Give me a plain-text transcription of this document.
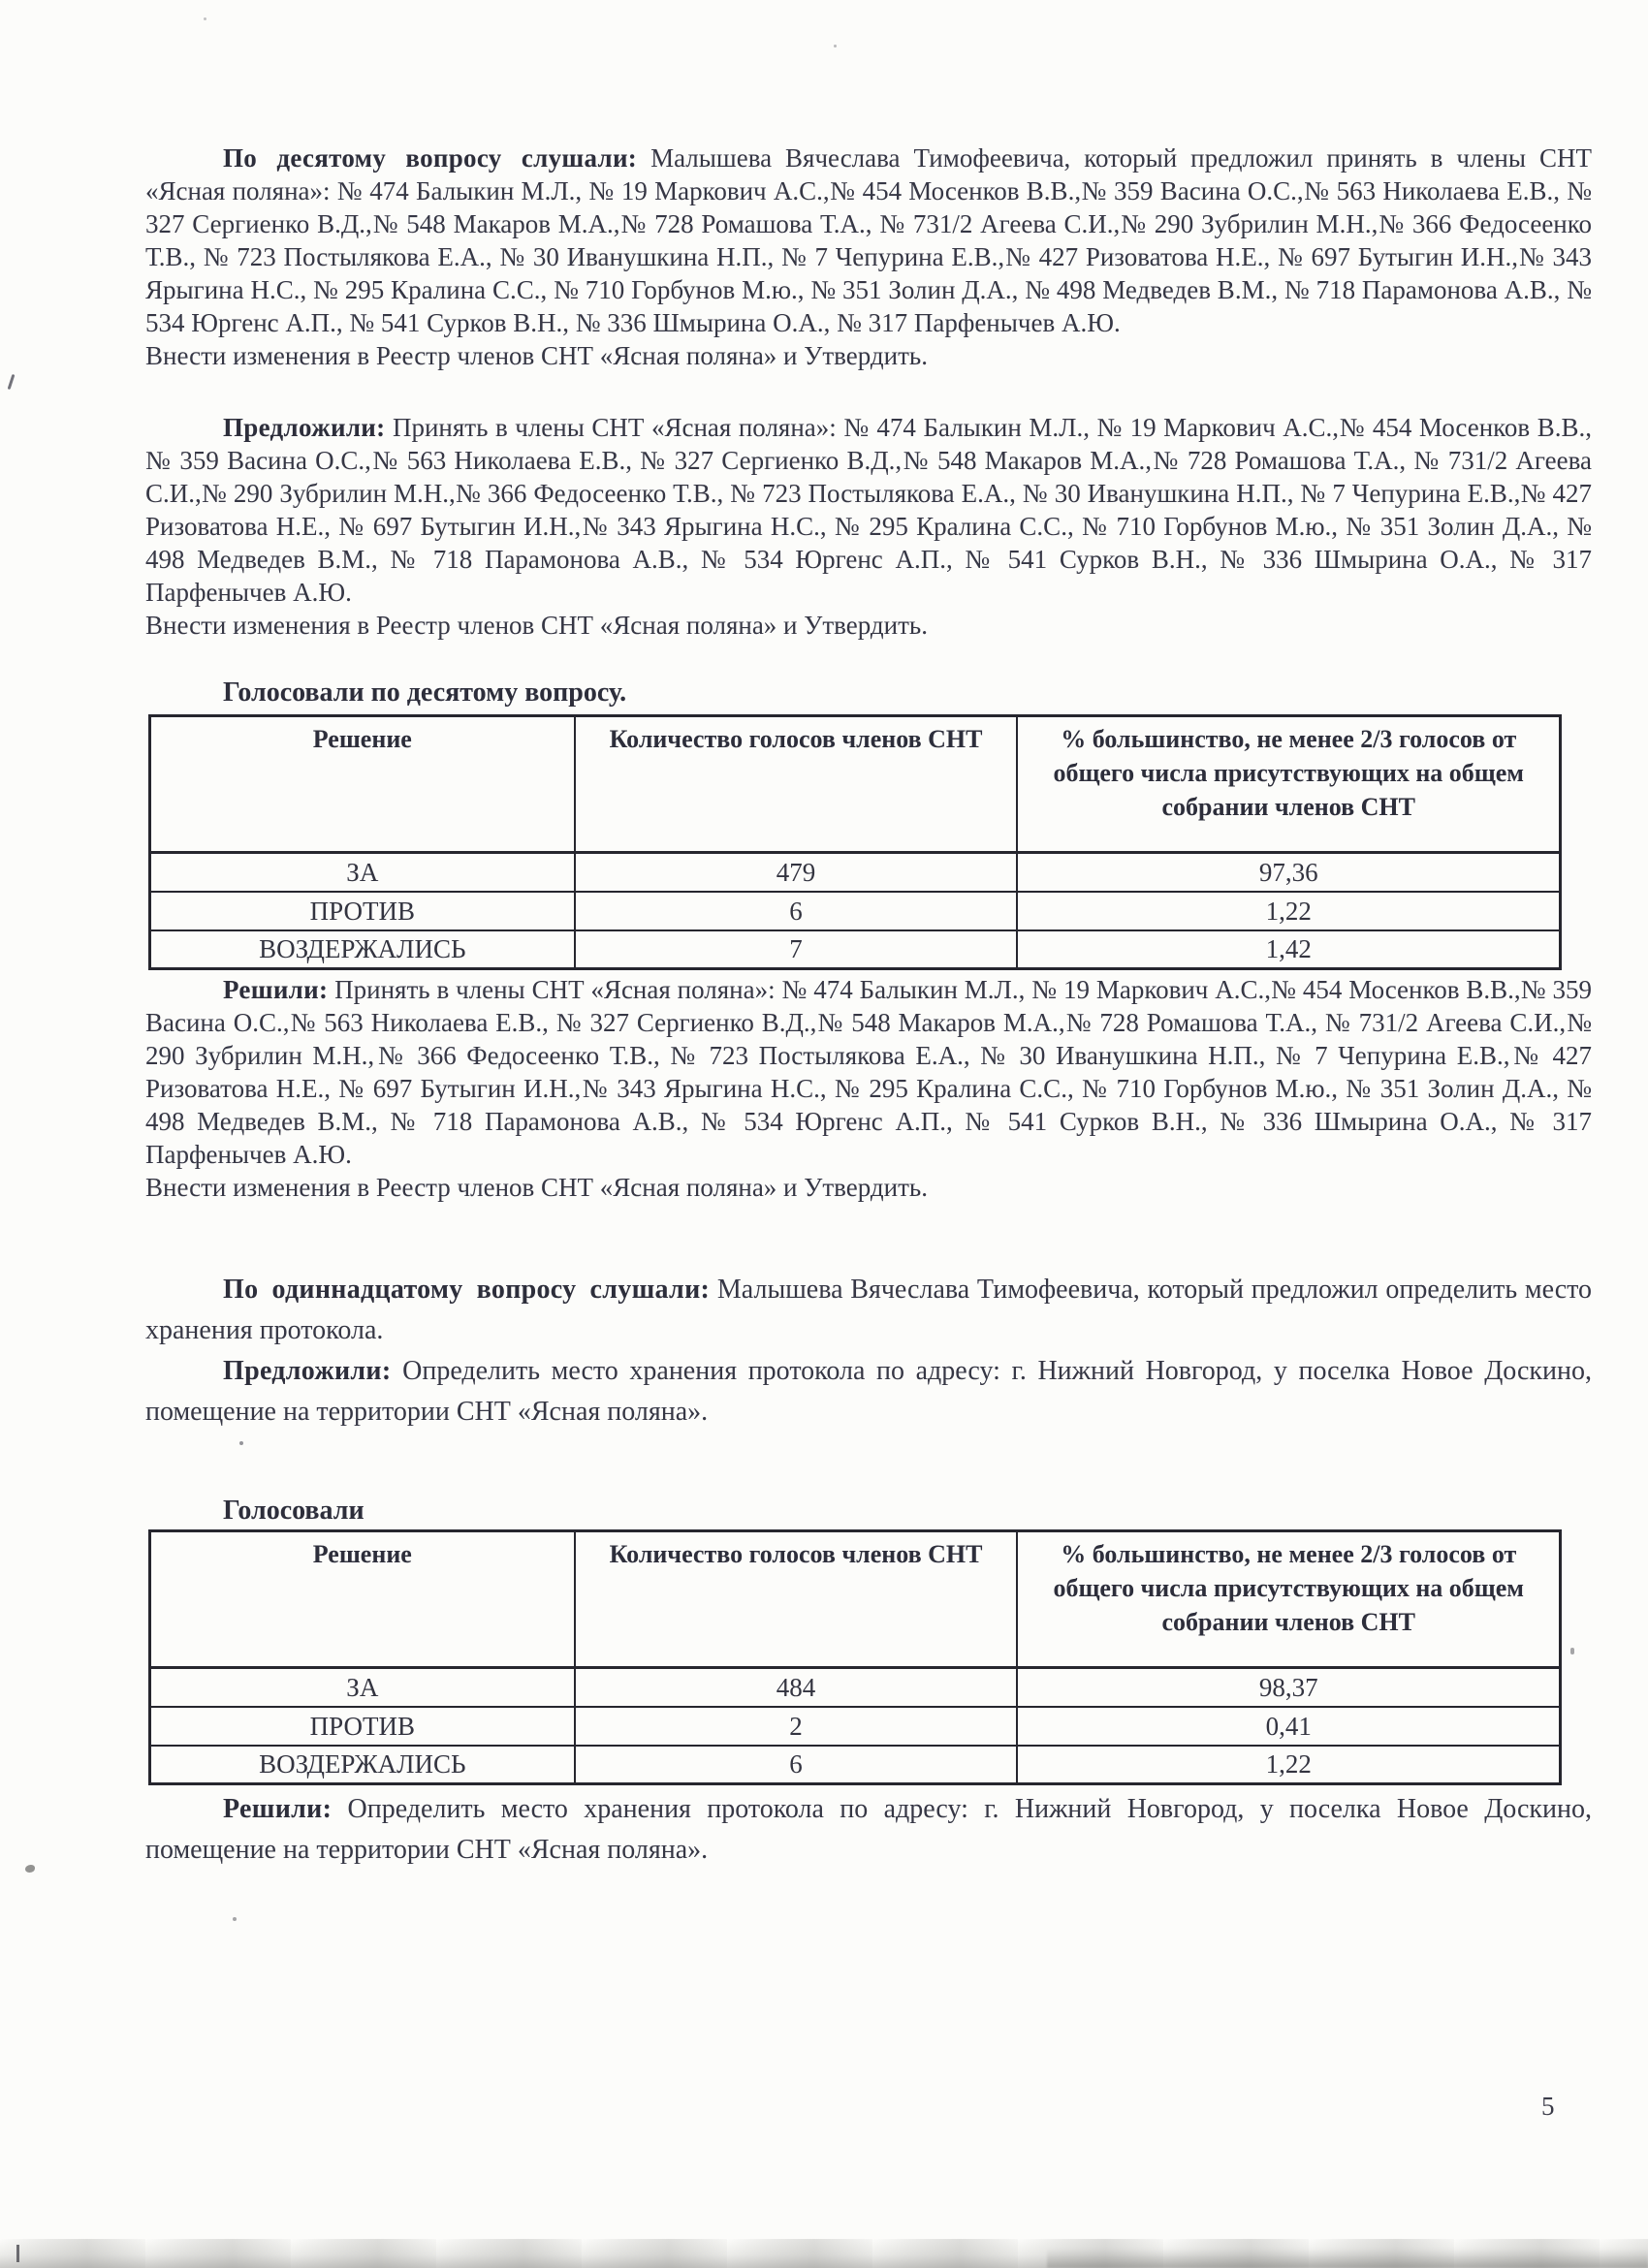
По десятому вопросу слушали: Малышева Вячеслава Тимофеевича, который предложил принять в члены СНТ «Ясная поляна»: № 474 Балыкин М.Л., № 19 Маркович А.С.,№ 454 Мосенков В.В.,№ 359 Васина О.С.,№ 563 Николаева Е.В., № 327 Сергиенко В.Д.,№ 548 Макаров М.А.,№ 728 Ромашова Т.А., № 731/2 Агеева С.И.,№ 290 Зубрилин М.Н.,№ 366 Федосеенко Т.В., № 723 Постылякова Е.А., № 30 Иванушкина Н.П., № 7 Чепурина Е.В.,№ 427 Ризоватова Н.Е., № 697 Бутыгин И.Н.,№ 343 Ярыгина Н.С., № 295 Кралина С.С., № 710 Горбунов М.ю., № 351 Золин Д.А., № 498 Медведев В.М., № 718 Парамонова А.В., № 534 Юргенс А.П., № 541 Сурков В.Н., № 336 Шмырина О.А., № 317 Парфенычев А.Ю.

Внести изменения в Реестр членов СНТ «Ясная поляна» и Утвердить.

Предложили: Принять в члены СНТ «Ясная поляна»: № 474 Балыкин М.Л., № 19 Маркович А.С.,№ 454 Мосенков В.В.,№ 359 Васина О.С.,№ 563 Николаева Е.В., № 327 Сергиенко В.Д.,№ 548 Макаров М.А.,№ 728 Ромашова Т.А., № 731/2 Агеева С.И.,№ 290 Зубрилин М.Н.,№ 366 Федосеенко Т.В., № 723 Постылякова Е.А., № 30 Иванушкина Н.П., № 7 Чепурина Е.В.,№ 427 Ризоватова Н.Е., № 697 Бутыгин И.Н.,№ 343 Ярыгина Н.С., № 295 Кралина С.С., № 710 Горбунов М.ю., № 351 Золин Д.А., № 498 Медведев В.М., № 718 Парамонова А.В., № 534 Юргенс А.П., № 541 Сурков В.Н., № 336 Шмырина О.А., № 317 Парфенычев А.Ю.

Внести изменения в Реестр членов СНТ «Ясная поляна» и Утвердить.

Голосовали по десятому вопросу.
Решение	Количество голосов членов СНТ	% большинство, не менее 2/3 голосов от общего числа присутствующих на общем собрании членов СНТ
ЗА	479	97,36
ПРОТИВ	6	1,22
ВОЗДЕРЖАЛИСЬ	7	1,42

Решили: Принять в члены СНТ «Ясная поляна»: № 474 Балыкин М.Л., № 19 Маркович А.С.,№ 454 Мосенков В.В.,№ 359 Васина О.С.,№ 563 Николаева Е.В., № 327 Сергиенко В.Д.,№ 548 Макаров М.А.,№ 728 Ромашова Т.А., № 731/2 Агеева С.И.,№ 290 Зубрилин М.Н.,№ 366 Федосеенко Т.В., № 723 Постылякова Е.А., № 30 Иванушкина Н.П., № 7 Чепурина Е.В.,№ 427 Ризоватова Н.Е., № 697 Бутыгин И.Н.,№ 343 Ярыгина Н.С., № 295 Кралина С.С., № 710 Горбунов М.ю., № 351 Золин Д.А., № 498 Медведев В.М., № 718 Парамонова А.В., № 534 Юргенс А.П., № 541 Сурков В.Н., № 336 Шмырина О.А., № 317 Парфенычев А.Ю.

Внести изменения в Реестр членов СНТ «Ясная поляна» и Утвердить.

По одиннадцатому вопросу слушали: Малышева Вячеслава Тимофеевича, который предложил определить место хранения протокола.

Предложили: Определить место хранения протокола по адресу: г. Нижний Новгород, у поселка Новое Доскино, помещение на территории СНТ «Ясная поляна».

Голосовали
Решение	Количество голосов членов СНТ	% большинство, не менее 2/3 голосов от общего числа присутствующих на общем собрании членов СНТ
ЗА	484	98,37
ПРОТИВ	2	0,41
ВОЗДЕРЖАЛИСЬ	6	1,22

Решили: Определить место хранения протокола по адресу: г. Нижний Новгород, у поселка Новое Доскино, помещение на территории СНТ «Ясная поляна».

5
